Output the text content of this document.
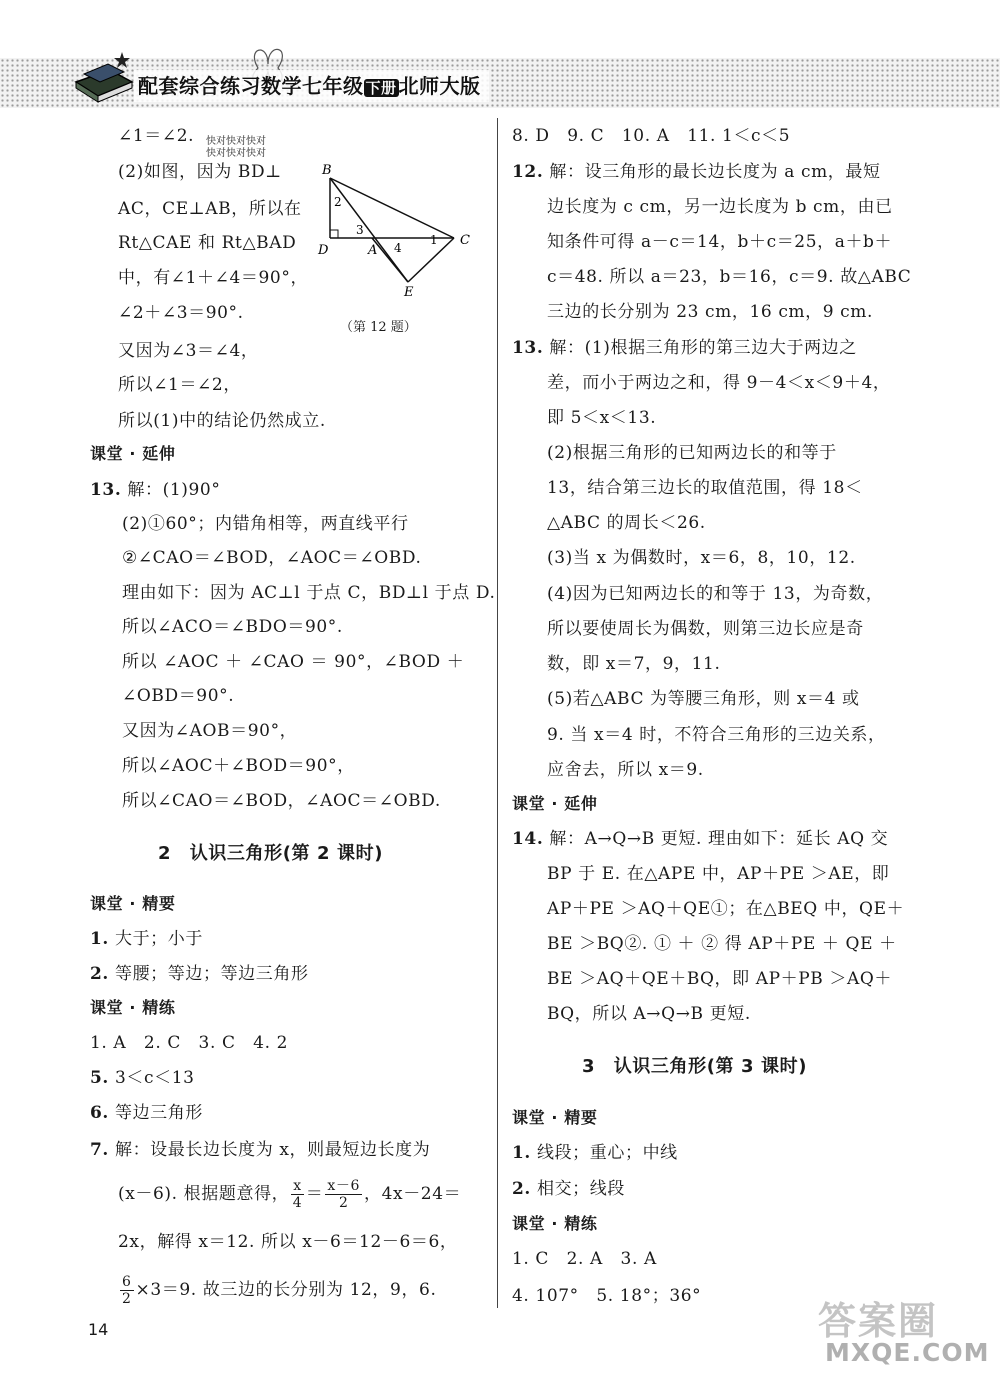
配套综合练习数学七年级 下册 北师大版
快对快对快对
快对快对快对
B
D	A
C
E
2
3
4
1
（第 12 题）
∠1＝∠2.
(2)如图，因为 BD⊥
AC，CE⊥AB，所以在
Rt△CAE 和 Rt△BAD
中，有∠1＋∠4＝90°，
∠2＋∠3＝90°.
又因为∠3＝∠4，
所以∠1＝∠2，
所以(1)中的结论仍然成立.
课堂 · 延伸
13. 解：(1)90°
(2)①60°；内错角相等，两直线平行
②∠CAO＝∠BOD，∠AOC＝∠OBD.
理由如下：因为 AC⊥l 于点 C，BD⊥l 于点 D.
所以∠ACO＝∠BDO＝90°.
所以 ∠AOC ＋ ∠CAO ＝ 90°，∠BOD ＋
∠OBD＝90°.
又因为∠AOB＝90°，
所以∠AOC＋∠BOD＝90°，
所以∠CAO＝∠BOD，∠AOC＝∠OBD.
2　认识三角形(第 2 课时)
课堂 · 精要
1. 大于；小于
2. 等腰；等边；等边三角形
课堂 · 精练
1. A　2. C　3. C　4. 2
5. 3＜c＜13
6. 等边三角形
7. 解：设最长边长度为 x，则最短边长度为
(x－6). 根据题意得， $\frac{x}{4} = \frac{x-6}{2}$ ，4x－24＝
2x，解得 x＝12. 所以 x－6＝12－6＝6，
$\frac{6}{2} \times 3=9$. 故三边的长分别为 12，9，6.
8. D　9. C　10. A　11. 1＜c＜5
12. 解：设三角形的最长边长度为 a cm，最短
边长度为 c cm，另一边长度为 b cm，由已
知条件可得 a－c＝14，b＋c＝25，a＋b＋
c＝48. 所以 a＝23，b＝16，c＝9. 故△ABC
三边的长分别为 23 cm，16 cm，9 cm.
13. 解：(1)根据三角形的第三边大于两边之
差，而小于两边之和，得 9－4＜x＜9＋4，
即 5＜x＜13.
(2)根据三角形的已知两边长的和等于
13，结合第三边长的取值范围，得 18＜
△ABC 的周长＜26.
(3)当 x 为偶数时，x＝6，8，10，12.
(4)因为已知两边长的和等于 13，为奇数，
所以要使周长为偶数，则第三边长应是奇
数，即 x＝7，9，11.
(5)若△ABC 为等腰三角形，则 x＝4 或
9. 当 x＝4 时，不符合三角形的三边关系，
应舍去，所以 x＝9.
课堂 · 延伸
14. 解：A→Q→B 更短. 理由如下：延长 AQ 交
BP 于 E. 在△APE 中，AP＋PE ＞AE，即
AP＋PE ＞AQ＋QE①；在△BEQ 中，QE＋
BE ＞BQ②. ① ＋ ② 得 AP＋PE ＋ QE ＋
BE ＞AQ＋QE＋BQ，即 AP＋PB ＞AQ＋
BQ，所以 A→Q→B 更短.
3　认识三角形(第 3 课时)
课堂 · 精要
1. 线段；重心；中线
2. 相交；线段
课堂 · 精练
1. C　2. A　3. A
4. 107°　5. 18°；36°
14	答案圈
MXQE.COM
